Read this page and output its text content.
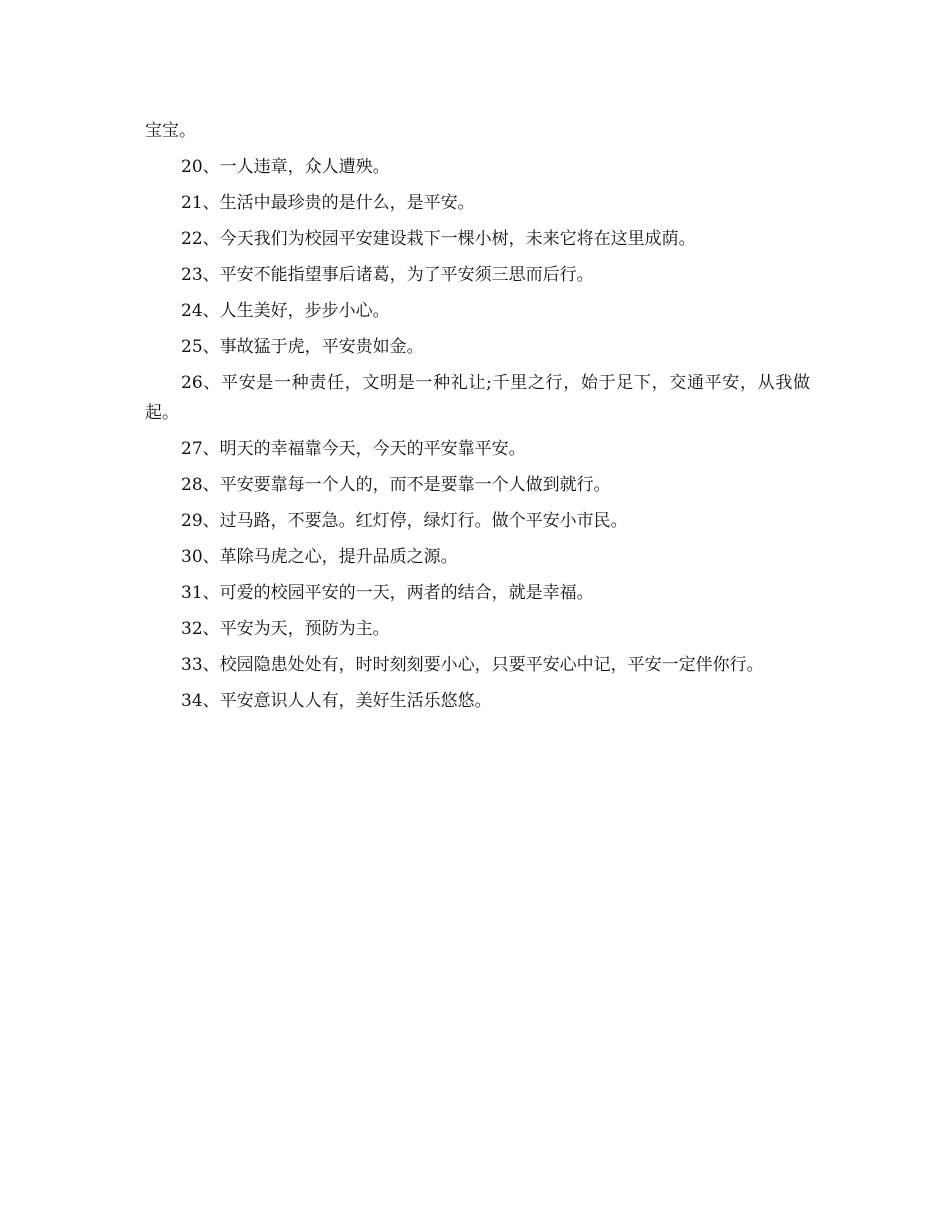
宝宝。

20、一人违章，众人遭殃。

21、生活中最珍贵的是什么，是平安。

22、今天我们为校园平安建设栽下一棵小树，未来它将在这里成荫。

23、平安不能指望事后诸葛，为了平安须三思而后行。

24、人生美好，步步小心。

25、事故猛于虎，平安贵如金。

26、平安是一种责任，文明是一种礼让;千里之行，始于足下，交通平安，从我做起。

27、明天的幸福靠今天，今天的平安靠平安。

28、平安要靠每一个人的，而不是要靠一个人做到就行。

29、过马路，不要急。红灯停，绿灯行。做个平安小市民。

30、革除马虎之心，提升品质之源。

31、可爱的校园平安的一天，两者的结合，就是幸福。

32、平安为天，预防为主。

33、校园隐患处处有，时时刻刻要小心，只要平安心中记，平安一定伴你行。

34、平安意识人人有，美好生活乐悠悠。
